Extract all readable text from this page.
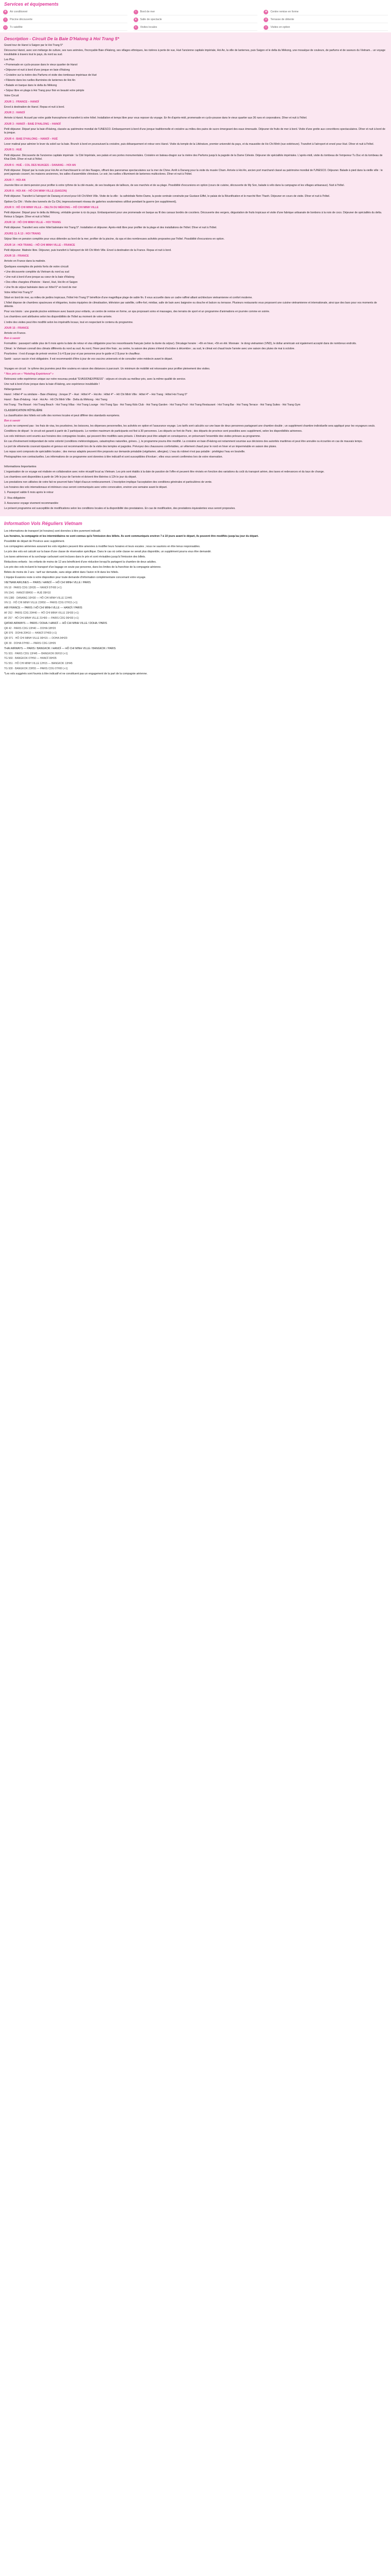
Services et équipements
❄	Air conditionné	≈	Bord de mer	✚	Centre remise en forme
≈	Piscine découverte	★	Salle de spectacle	☀	Terrasse de détente
▭	Tv satellite	⌖	Visites locales	+	Visites en option
Description - Circuit De la Baie D'Halong à Hoi Trang 5*

Grand tour de Hanoï à Saigon par le Hoi Trang 5*

Découvrez Hanoï, avec son mélange de culture, ses rues animées, l'incroyable Baie d'Halong, ses villages ethniques, les rizières à perte de vue, Hué l'ancienne capitale impériale, Hoi An, la ville de lanternes, puis Saigon et le delta du Mékong, une mosaïque de couleurs, de parfums et de saveurs du Vietnam... un voyage inoubliable à travers tout le pays, du nord au sud.

Les Plus

• Promenade en cyclo-pousse dans le vieux quartier de Hanoï

• Déjeuner et nuit à bord d'une jonque en baie d'Halong

• Croisière sur la rivière des Parfums et visite des tombeaux impériaux de Hué

• Flânerie dans les ruelles illuminées de lanternes de Hoi An

• Balade en barque dans le delta du Mékong

• Séjour libre en plage à Hoi Trang pour finir en beauté votre périple

Votre Circuit

JOUR 1 : FRANCE – HANOÏ

Envol à destination de Hanoï. Repas et nuit à bord.

JOUR 2 : HANOÏ

Arrivée à Hanoï. Accueil par votre guide francophone et transfert à votre hôtel. Installation et temps libre pour vous reposer du voyage. En fin d'après-midi, promenade en cyclo-pousse dans le vieux quartier aux 36 rues et corporations. Dîner et nuit à l'hôtel.

JOUR 3 : HANOÏ – BAIE D'HALONG – HANOÏ

Petit déjeuner. Départ pour la baie d'Halong, classée au patrimoine mondial de l'UNESCO. Embarquement à bord d'une jonque traditionnelle et croisière au milieu des pains de sucre émergeant des eaux émeraude. Déjeuner de fruits de mer à bord. Visite d'une grotte aux concrétions spectaculaires. Dîner et nuit à bord de la jonque.

JOUR 4 : BAIE D'HALONG – HANOÏ – HUÉ

Lever matinal pour admirer le lever du soleil sur la baie. Brunch à bord en poursuivant la croisière, puis débarquement et retour vers Hanoï. Visite du temple de la Littérature, premier université du pays, et du mausolée de Ho Chi Minh (vue extérieure). Transfert à l'aéroport et envol pour Hué. Dîner et nuit à l'hôtel.

JOUR 5 : HUÉ

Petit déjeuner. Découverte de l'ancienne capitale impériale : la Cité Impériale, ses palais et ses portes monumentales. Croisière en bateau-dragon sur la rivière des Parfums jusqu'à la pagode de la Dame Céleste. Déjeuner de spécialités impériales. L'après-midi, visite du tombeau de l'empereur Tu Duc et du tombeau de Khai Dinh. Dîner et nuit à l'hôtel.

JOUR 6 : HUÉ – COL DES NUAGES – DANANG – HOI AN

Petit déjeuner. Départ par la route pour Hoi An en franchissant le col des Nuages, offrant des panoramas spectaculaires sur la mer de Chine. Arrêt à Danang pour la visite du musée Cham. Arrivée à Hoi An, ancien port marchand classé au patrimoine mondial de l'UNESCO. Déjeuner. Balade à pied dans la vieille ville : le pont japonais couvert, les maisons anciennes, les salles d'assemblée chinoises. Le soir, les ruelles s'illuminent de lanternes multicolores. Dîner et nuit à l'hôtel.

JOUR 7 : HOI AN

Journée libre en demi-pension pour profiter à votre rythme de la cité-musée, de ses boutiques de tailleurs, de ses marchés et de sa plage. Possibilité d'excursions en option (cours de cuisine, découverte de My Son, balade à vélo dans la campagne et les villages artisanaux). Nuit à l'hôtel.

JOUR 8 : HOI AN – HÔ CHI MINH VILLE (SAIGON)

Petit déjeuner. Transfert à l'aéroport de Danang et envol pour Hô Chi Minh Ville. Visite de la ville : la cathédrale Notre-Dame, la poste centrale construite par Gustave Eiffel, le palais de la Réunification et le marché Ben Thanh. Déjeuner en cours de visite. Dîner et nuit à l'hôtel.

Option Cu Chi : Visite des tunnels de Cu Chi, impressionnant réseau de galeries souterraines utilisé pendant la guerre (en supplément).

JOUR 9 : HÔ CHI MINH VILLE – DELTA DU MÉKONG – HÔ CHI MINH VILLE

Petit déjeuner. Départ pour le delta du Mékong, véritable grenier à riz du pays. Embarquement pour une promenade en barque au fil des canaux bordés de cocotiers. Découverte des vergers, dégustation de fruits tropicaux et visite d'une fabrique artisanale de bonbons à la noix de coco. Déjeuner de spécialités du delta. Retour à Saigon. Dîner et nuit à l'hôtel.

JOUR 10 : HÔ CHI MINH VILLE – HOI TRANG

Petit déjeuner. Transfert vers votre hôtel balnéaire Hoi Trang 5*. Installation et déjeuner. Après-midi libre pour profiter de la plage et des installations de l'hôtel. Dîner et nuit à l'hôtel.

JOURS 11 À 13 : HOI TRANG

Séjour libre en pension complète pour vous détendre au bord de la mer, profiter de la piscine, du spa et des nombreuses activités proposées par l'hôtel. Possibilité d'excursions en option.

JOUR 14 : HOI TRANG – HÔ CHI MINH VILLE – FRANCE

Petit déjeuner. Matinée libre. Déjeuner, puis transfert à l'aéroport de Hô Chi Minh Ville. Envol à destination de la France. Repas et nuit à bord.

JOUR 15 : FRANCE

Arrivée en France dans la matinée.

Quelques exemples de points forts de votre circuit

• Une découverte complète du Vietnam du nord au sud

• Une nuit à bord d'une jonque au cœur de la baie d'Halong

• Des villes chargées d'histoire : Hanoï, Hué, Hoi An et Saigon

• Une fin de séjour balnéaire dans un hôtel 5* en bord de mer

Votre Hôtel Hoi Trang 5*

Situé en bord de mer, au milieu de jardins tropicaux, l'hôtel Hoi Trang 5* bénéficie d'une magnifique plage de sable fin. Il vous accueille dans un cadre raffiné alliant architecture vietnamienne et confort moderne.

L'hôtel dispose de chambres spacieuses et élégantes, toutes équipées de climatisation, télévision par satellite, coffre-fort, minibar, salle de bain avec baignoire ou douche et balcon ou terrasse. Plusieurs restaurants vous proposent une cuisine vietnamienne et internationale, ainsi que des bars pour vos moments de détente.

Pour vos loisirs : une grande piscine extérieure avec bassin pour enfants, un centre de remise en forme, un spa proposant soins et massages, des terrains de sport et un programme d'animations en journée comme en soirée.

Les chambres sont attribuées selon les disponibilités de l'hôtel au moment de votre arrivée.

L'ordre des visites peut être modifié selon les impératifs locaux, tout en respectant le contenu du programme.

JOUR 15 : FRANCE

Arrivée en France.

Bon à savoir

Formalités : passeport valide plus de 6 mois après la date de retour et visa obligatoire pour les ressortissants français (selon la durée du séjour). Décalage horaire : +6h en hiver, +5h en été. Monnaie : le dong vietnamien (VND), le dollar américain est également accepté dans de nombreux endroits.

Climat : le Vietnam connaît des climats différents du nord au sud. Au nord, l'hiver peut être frais ; au centre, la saison des pluies s'étend d'octobre à décembre ; au sud, le climat est chaud toute l'année avec une saison des pluies de mai à octobre.

Pourboires : il est d'usage de prévoir environ 3 à 4 $ par jour et par personne pour le guide et 2 $ pour le chauffeur.

Santé : aucun vaccin n'est obligatoire. Il est recommandé d'être à jour de vos vaccins universels et de consulter votre médecin avant le départ.

Voyages en circuit : le rythme des journées peut être soutenu en raison des distances à parcourir. Un minimum de mobilité est nécessaire pour profiter pleinement des visites.

* Nos prix en « *Hoteling Expérience* »

Retrouvez cette expérience unique sur notre nouveau produit "EVASIONEXPRESS" : séjours et circuits au meilleur prix, avec la même qualité de service.

Une nuit à bord d'une jonque dans la baie d'Halong, une expérience inoubliable !

Hébergement

Hanoï : Hôtel 4* ou similaire – Baie d'Halong : Jonque 3* – Hué : Hôtel 4* – Hoi An : Hôtel 4* – Hô Chi Minh Ville : Hôtel 4* – Hoi Trang : Hôtel Hoi Trang 5*

Hanoï · Baie d'Halong · Hué · Hoi An · Hô Chi Minh Ville · Delta du Mékong · Hoi Trang

Hoi Trang : The Resort · Hoi Trang Beach · Hoi Trang Villas · Hoi Trang Lounge · Hoi Trang Spa · Hoi Trang Kids Club · Hoi Trang Garden · Hoi Trang Pool · Hoi Trang Restaurant · Hoi Trang Bar · Hoi Trang Terrace · Hoi Trang Suites · Hoi Trang Gym

CLASSIFICATION HÔTELIÈRE

La classification des hôtels est celle des normes locales et peut différer des standards européens.

Bon à savoir

Le prix ne comprend pas : les frais de visa, les pourboires, les boissons, les dépenses personnelles, les activités en option et l'assurance voyage. Les tarifs sont calculés sur une base de deux personnes partageant une chambre double ; un supplément chambre individuelle sera appliqué pour les voyageurs seuls.

Conditions de départ : le circuit est garanti à partir de 2 participants. Le nombre maximum de participants est fixé à 30 personnes. Les départs se font de Paris ; des départs de province sont possibles avec supplément, selon les disponibilités aériennes.

Les vols intérieurs sont soumis aux horaires des compagnies locales, qui peuvent être modifiés sans préavis. L'itinéraire peut être adapté en conséquence, en préservant l'ensemble des visites prévues au programme.

En cas d'événement indépendant de notre volonté (conditions météorologiques, catastrophes naturelles, grèves...), le programme pourra être modifié. La croisière en baie d'Halong est notamment soumise aux décisions des autorités maritimes et peut être annulée ou écourtée en cas de mauvais temps.

Le port de vêtements couvrant épaules et genoux est recommandé lors de la visite des temples et pagodes. Prévoyez des chaussures confortables, un vêtement chaud pour le nord en hiver et un imperméable en saison des pluies.

Les repas sont composés de spécialités locales ; des menus adaptés peuvent être proposés sur demande préalable (végétarien, allergies). L'eau du robinet n'est pas potable : privilégiez l'eau en bouteille.

Photographies non contractuelles. Les informations de ce programme sont données à titre indicatif et sont susceptibles d'évoluer ; elles vous seront confirmées lors de votre réservation.

Informations Importantes

L'organisation de ce voyage est réalisée en collaboration avec notre réceptif local au Vietnam. Les prix sont établis à la date de parution de l'offre et peuvent être révisés en fonction des variations du coût du transport aérien, des taxes et redevances et du taux de change.

Les chambres sont disponibles à partir de 14h le jour de l'arrivée et doivent être libérées à 12h le jour du départ.

Les prestations non utilisées de votre fait ne pourront faire l'objet d'aucun remboursement. L'inscription implique l'acceptation des conditions générales et particulières de vente.

Les horaires des vols internationaux et intérieurs vous seront communiqués avec votre convocation, environ une semaine avant le départ.

1. Passeport valide 6 mois après le retour

2. Visa obligatoire

3. Assurance voyage vivement recommandée

Le présent programme est susceptible de modifications selon les conditions locales et la disponibilité des prestataires. En cas de modification, des prestations équivalentes vous seront proposées.

Information Vols Réguliers Vietnam

Les informations de transport (et horaires) sont données à titre purement indicatif.

Les horaires, la compagnie et les intermédiaires ne sont connus qu'à l'émission des billets. Ils sont communiqués environ 7 à 10 jours avant le départ, ils peuvent être modifiés jusqu'au jour du départ.

Possibilité de départ de Province avec supplément.

Les compagnies aériennes assurant les vols réguliers peuvent être amenées à modifier leurs horaires et leurs escales ; nous ne saurions en être tenus responsables.

Le prix des vols est calculé sur la base d'une classe de réservation spécifique. Dans le cas où cette classe ne serait plus disponible, un supplément pourra vous être demandé.

Les taxes aériennes et la surcharge carburant sont incluses dans le prix et sont révisables jusqu'à l'émission des billets.

Réductions enfants : les enfants de moins de 12 ans bénéficient d'une réduction lorsqu'ils partagent la chambre de deux adultes.

Les prix des vols incluent le transport d'un bagage en soute par personne, dans les limites de la franchise de la compagnie aérienne.

Bébés de moins de 2 ans : tarif sur demande, sans siège attitré dans l'avion ni lit dans les hôtels.

L'équipe Evasions reste à votre disposition pour toute demande d'information complémentaire concernant votre voyage.

VIETNAM AIRLINES — PARIS / HANOÏ — HÔ CHI MINH VILLE / PARIS

VN 18 · PARIS CDG 13H35 — HANOÏ 07H00 (+1)

VN 1541 · HANOÏ 08H00 — HUÉ 09H10

VN 1380 · DANANG 10H30 — HÔ CHI MINH VILLE 11H45

VN 11 · HÔ CHI MINH VILLE 23H50 — PARIS CDG 07H15 (+1)

AIR FRANCE — PARIS / HÔ CHI MINH VILLE — HANOÏ / PARIS

AF 252 · PARIS CDG 20H40 — HÔ CHI MINH VILLE 15H30 (+1)

AF 257 · HÔ CHI MINH VILLE 21H00 — PARIS CDG 06H30 (+1)

QATAR AIRWAYS — PARIS / DOHA / HANOÏ — HÔ CHI MINH VILLE / DOHA / PARIS

QR 42 · PARIS CDG 10H40 — DOHA 18H20

QR 976 · DOHA 20H10 — HANOÏ 07H00 (+1)

QR 971 · HÔ CHI MINH VILLE 00H15 — DOHA 04H20

QR 39 · DOHA 07H50 — PARIS CDG 13H05

THAI AIRWAYS — PARIS / BANGKOK / HANOÏ — HÔ CHI MINH VILLE / BANGKOK / PARIS

TG 931 · PARIS CDG 13H45 — BANGKOK 06H10 (+1)

TG 560 · BANGKOK 07H50 — HANOÏ 09H35

TG 551 · HÔ CHI MINH VILLE 12H15 — BANGKOK 13H45

TG 930 · BANGKOK 23H55 — PARIS CDG 07H00 (+1)

*Les vols suggérés sont fournis à titre indicatif et ne constituent pas un engagement de la part de la compagnie aérienne.
